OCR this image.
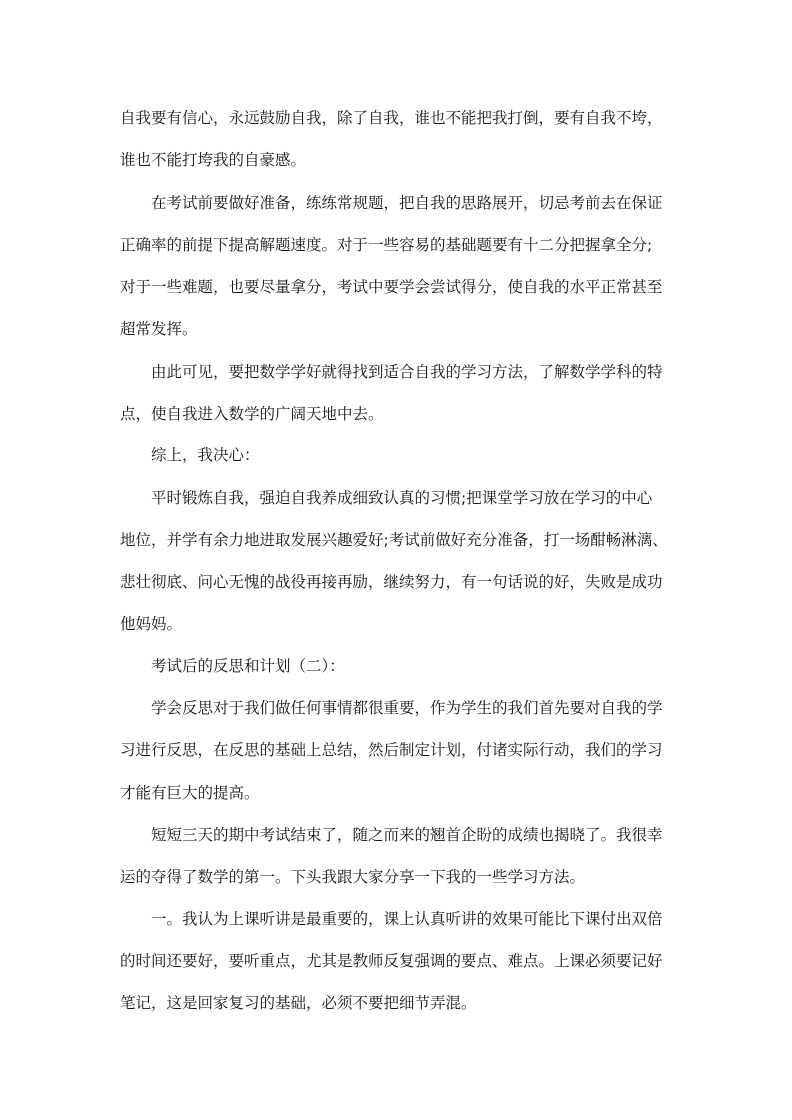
自我要有信心，永远鼓励自我，除了自我，谁也不能把我打倒，要有自我不垮，
谁也不能打垮我的自豪感。
在考试前要做好准备，练练常规题，把自我的思路展开，切忌考前去在保证
正确率的前提下提高解题速度。对于一些容易的基础题要有十二分把握拿全分;
对于一些难题，也要尽量拿分，考试中要学会尝试得分，使自我的水平正常甚至
超常发挥。
由此可见，要把数学学好就得找到适合自我的学习方法，了解数学学科的特
点，使自我进入数学的广阔天地中去。
综上，我决心：
平时锻炼自我，强迫自我养成细致认真的习惯;把课堂学习放在学习的中心
地位，并学有余力地进取发展兴趣爱好;考试前做好充分准备，打一场酣畅淋漓、
悲壮彻底、问心无愧的战役再接再励，继续努力，有一句话说的好，失败是成功
他妈妈。
考试后的反思和计划（二）：
学会反思对于我们做任何事情都很重要，作为学生的我们首先要对自我的学
习进行反思，在反思的基础上总结，然后制定计划，付诸实际行动，我们的学习
才能有巨大的提高。
短短三天的期中考试结束了，随之而来的翘首企盼的成绩也揭晓了。我很幸
运的夺得了数学的第一。下头我跟大家分享一下我的一些学习方法。
一。我认为上课听讲是最重要的，课上认真听讲的效果可能比下课付出双倍
的时间还要好，要听重点，尤其是教师反复强调的要点、难点。上课必须要记好
笔记，这是回家复习的基础，必须不要把细节弄混。
